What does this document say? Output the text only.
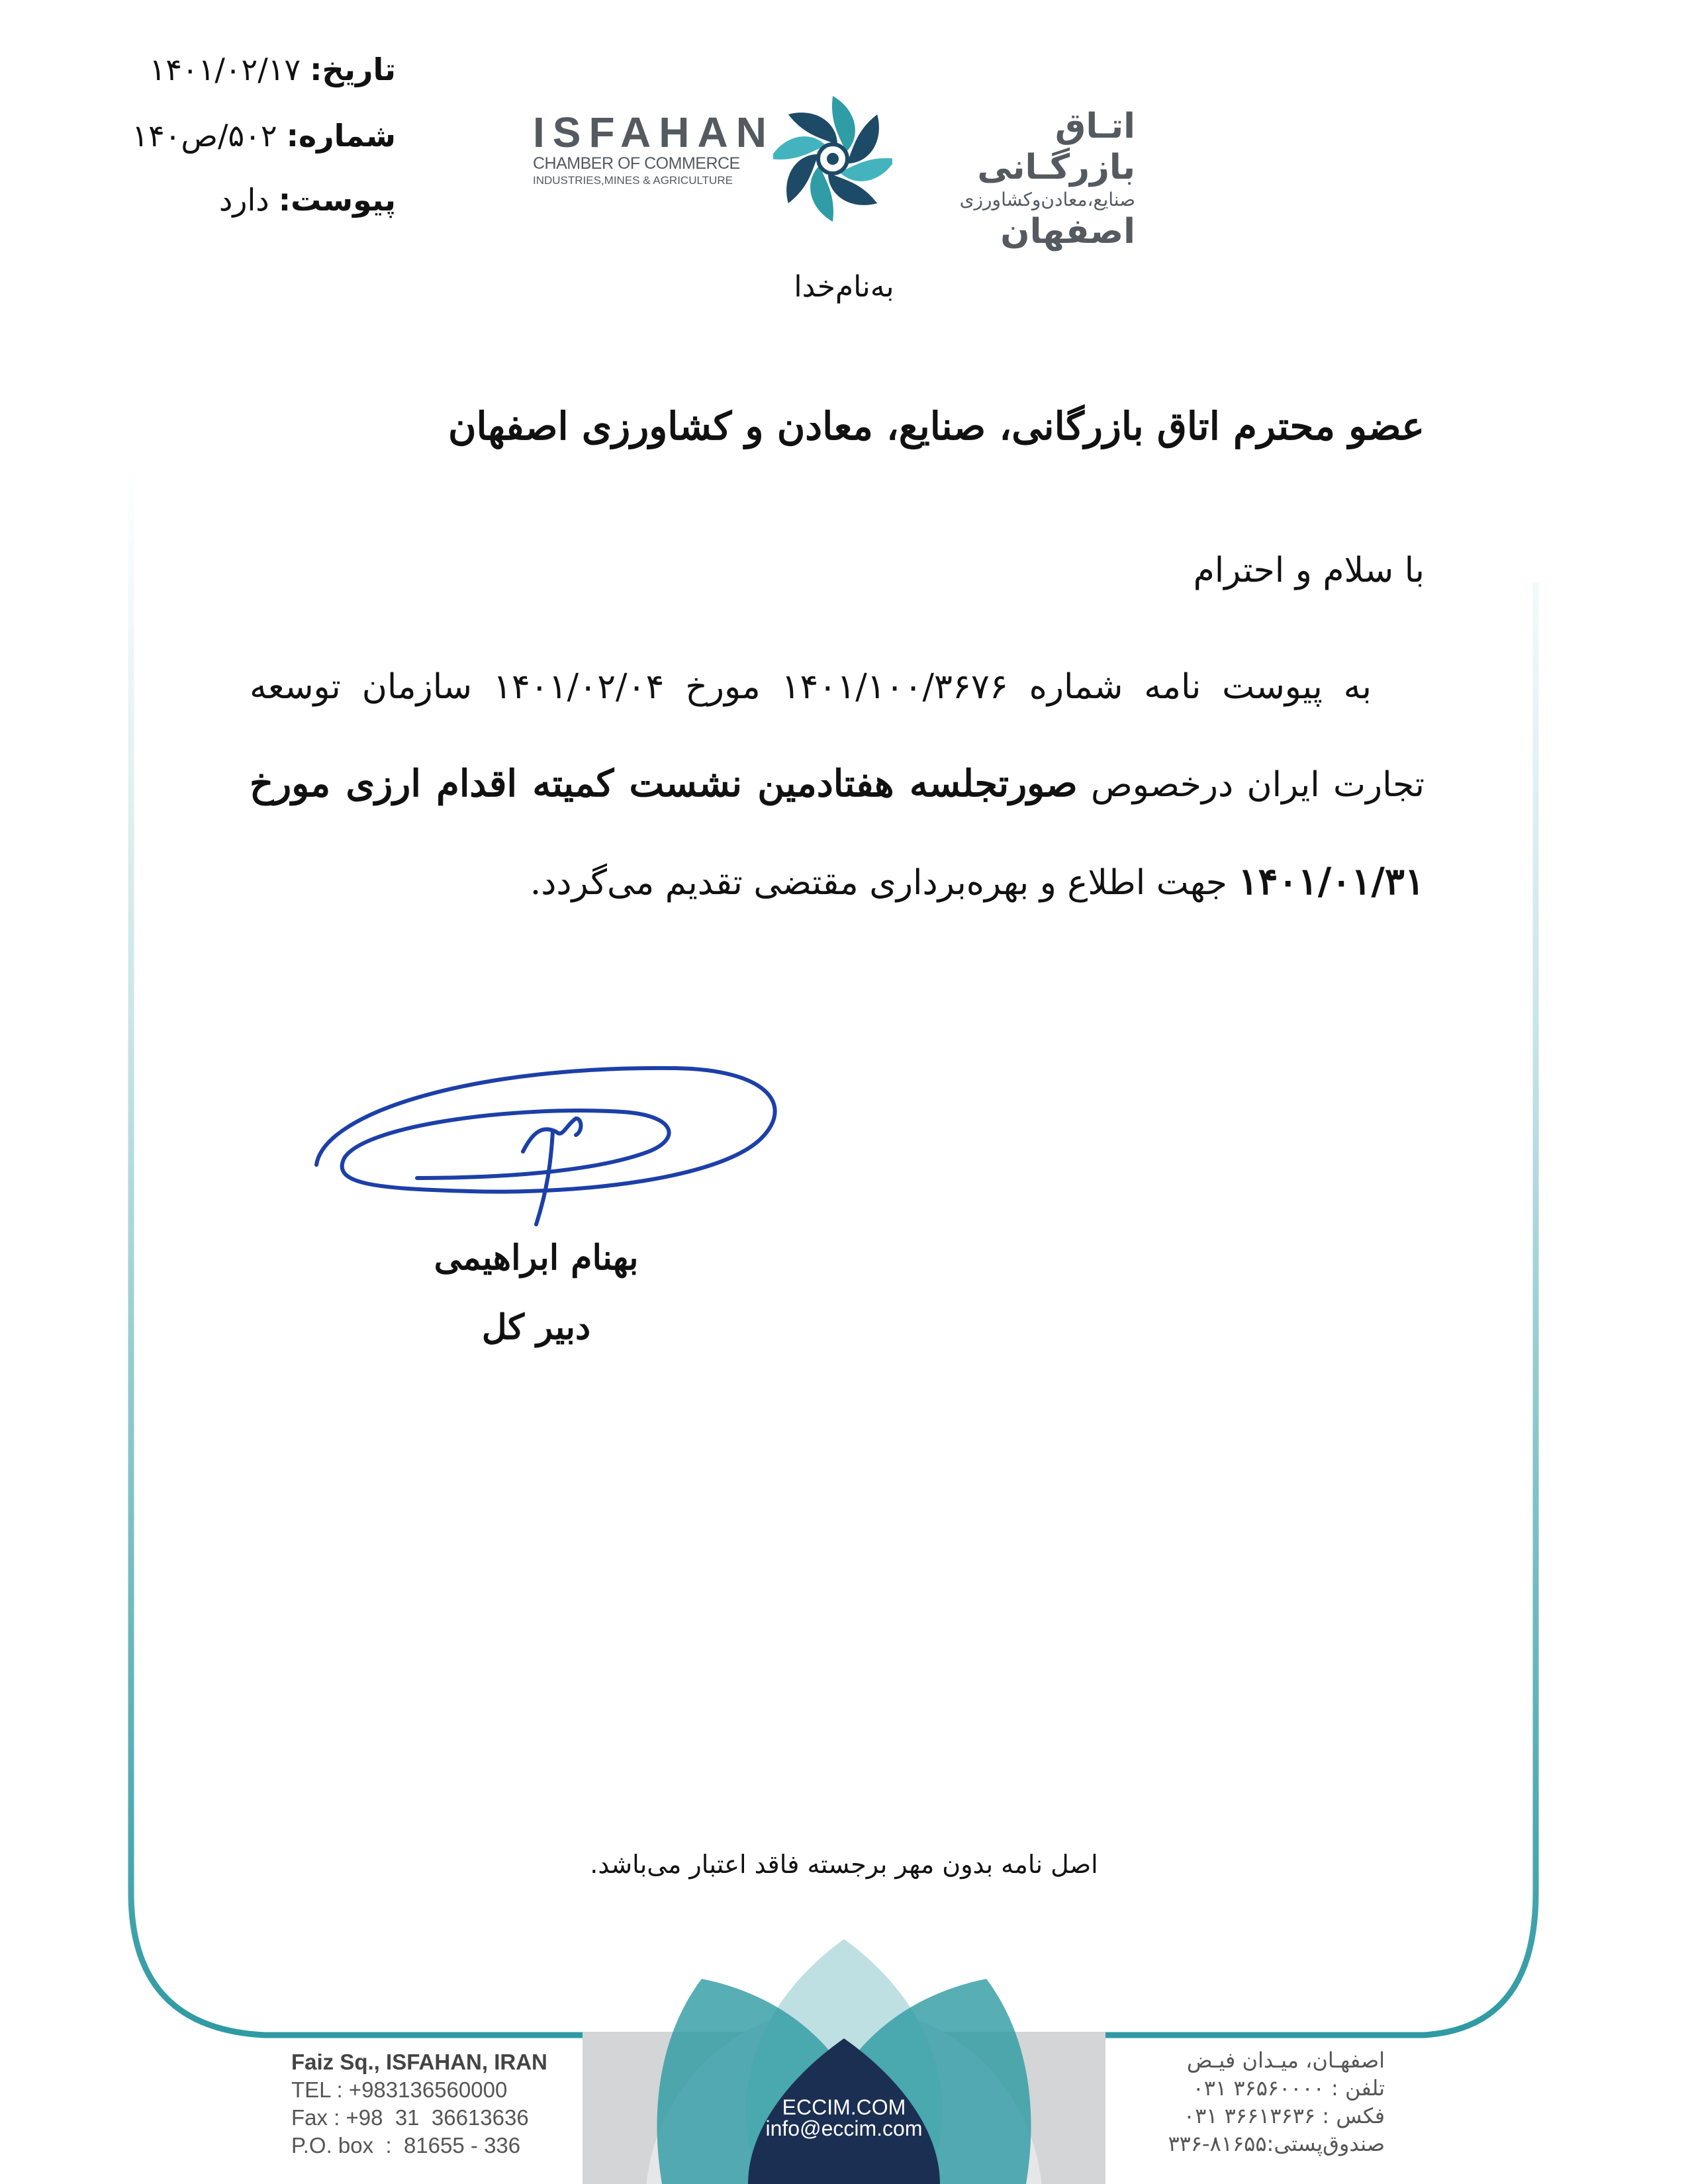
تاریخ:۱۴۰۱/۰۲/۱۷
شماره:۵۰۲/ص۱۴۰
پیوست:دارد
ISFAHAN
CHAMBER OF COMMERCE
INDUSTRIES,MINES & AGRICULTURE
اتـاق بازرگـانی
صنایع،معادن‌وکشاورزی
اصفهان
به‌نام‌خدا
عضو محترم اتاق بازرگانی، صنایع، معادن و کشاورزی اصفهان
با سلام و احترام
به پیوست نامه شماره ۱۴۰۱/۱۰۰/۳۶۷۶ مورخ ۱۴۰۱/۰۲/۰۴ سازمان توسعه تجارت ایران درخصوص صورتجلسه هفتادمین نشست کمیته اقدام ارزی مورخ ۱۴۰۱/۰۱/۳۱ جهت اطلاع و بهره‌برداری مقتضی تقدیم می‌گردد.
بهنام ابراهیمی
دبیر کل
اصل نامه بدون مهر برجسته فاقد اعتبار می‌باشد.
Faiz Sq., ISFAHAN, IRAN
TEL : +983136560000
Fax : +98  31  36613636
P.O. box  :  81655 - 336
اصفهـان، میـدان فیـض
تلفن : ۳۶۵۶۰۰۰۰ ۰۳۱
فکس : ۳۶۶۱۳۶۳۶ ۰۳۱
صندوق‌پستی:۸۱۶۵۵-۳۳۶
ECCIM.COM
info@eccim.com
